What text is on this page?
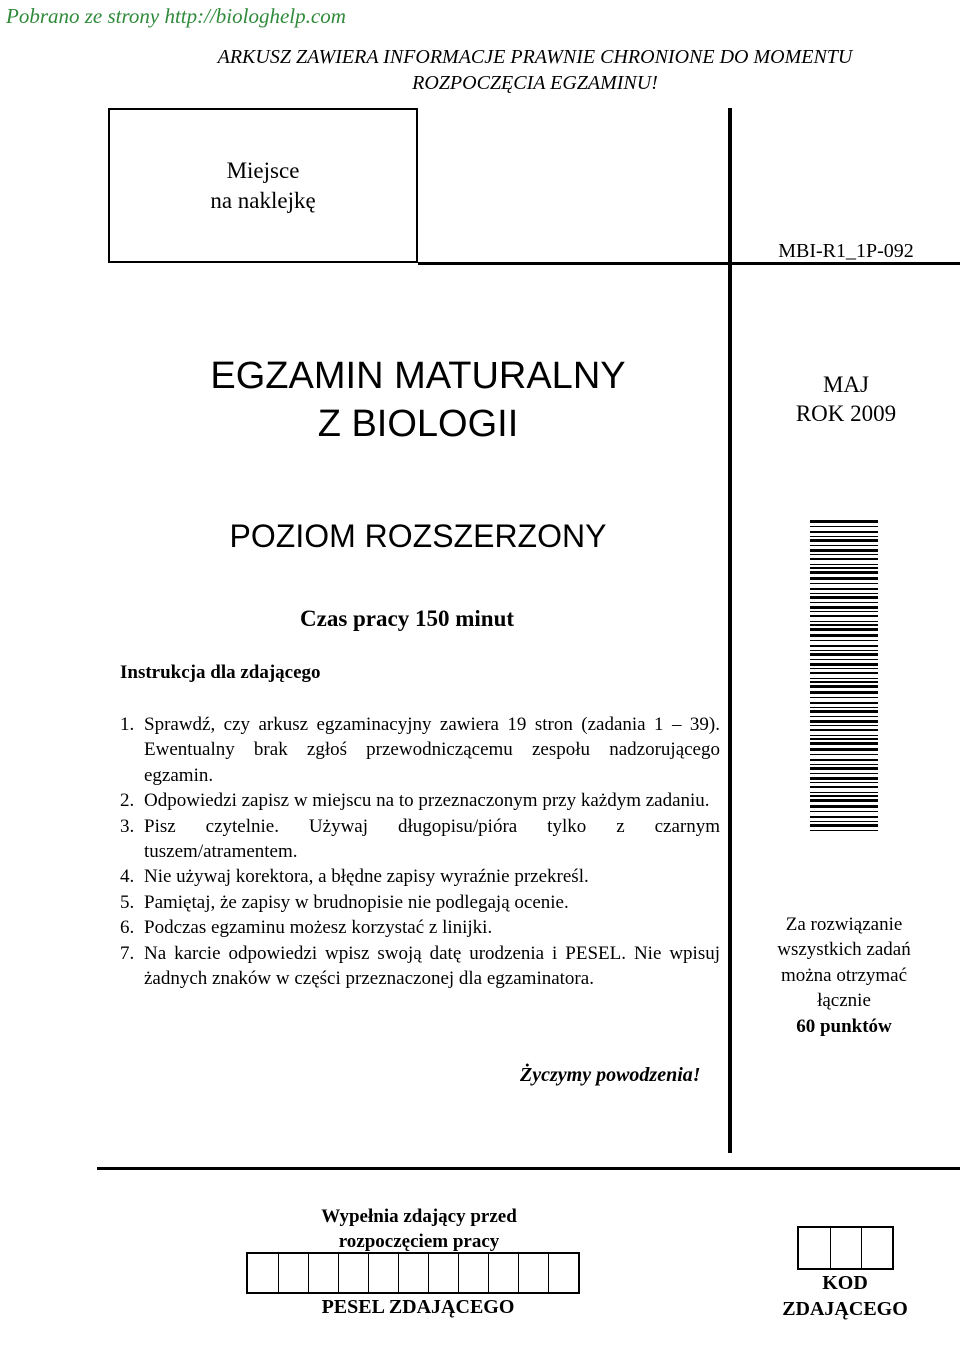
Pobrano ze strony http://biologhelp.com
ARKUSZ ZAWIERA INFORMACJE PRAWNIE CHRONIONE DO MOMENTU
ROZPOCZĘCIA EGZAMINU!
Miejsce
na naklejkę
MBI-R1_1P-092
EGZAMIN MATURALNY
Z BIOLOGII
MAJ
ROK 2009
POZIOM ROZSZERZONY
Czas pracy 150 minut
Instrukcja dla zdającego
1. Sprawdź, czy arkusz egzaminacyjny zawiera 19 stron (zadania 1 – 39). Ewentualny brak zgłoś przewodniczącemu zespołu nadzorującego egzamin.
2. Odpowiedzi zapisz w miejscu na to przeznaczonym przy każdym zadaniu.
3. Pisz czytelnie. Używaj długopisu/pióra tylko z czarnym tuszem/atramentem.
4. Nie używaj korektora, a błędne zapisy wyraźnie przekreśl.
5. Pamiętaj, że zapisy w brudnopisie nie podlegają ocenie.
6. Podczas egzaminu możesz korzystać z linijki.
7. Na karcie odpowiedzi wpisz swoją datę urodzenia i PESEL. Nie wpisuj żadnych znaków w części przeznaczonej dla egzaminatora.
Życzymy powodzenia!
Za rozwiązanie
wszystkich zadań
można otrzymać
łącznie
60 punktów
Wypełnia zdający przed
rozpoczęciem pracy
PESEL ZDAJĄCEGO
KOD
ZDAJĄCEGO
